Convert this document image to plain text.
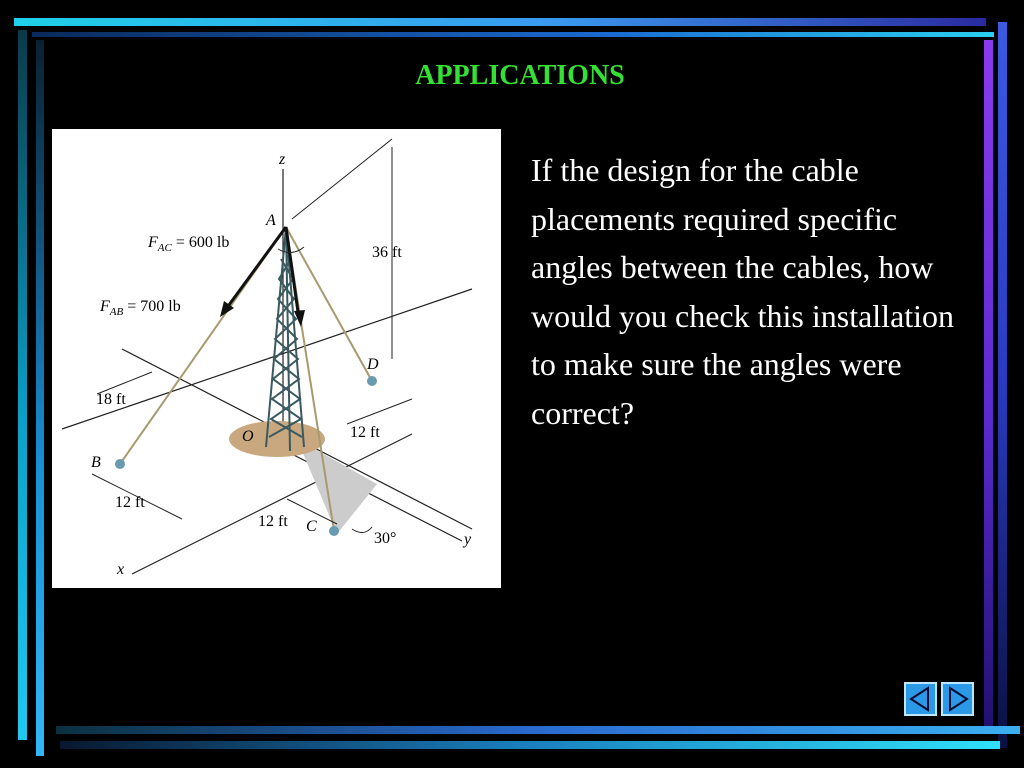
APPLICATIONS
z
x
y
A
B
C
D
O
$F_{AC} = 600$ lb
$F_{AB} = 700$ lb
36 ft
18 ft
12 ft
12 ft
12 ft
30°
If the design for the cable placements required specific angles between the cables, how would you check this installation to make sure the angles were correct?
